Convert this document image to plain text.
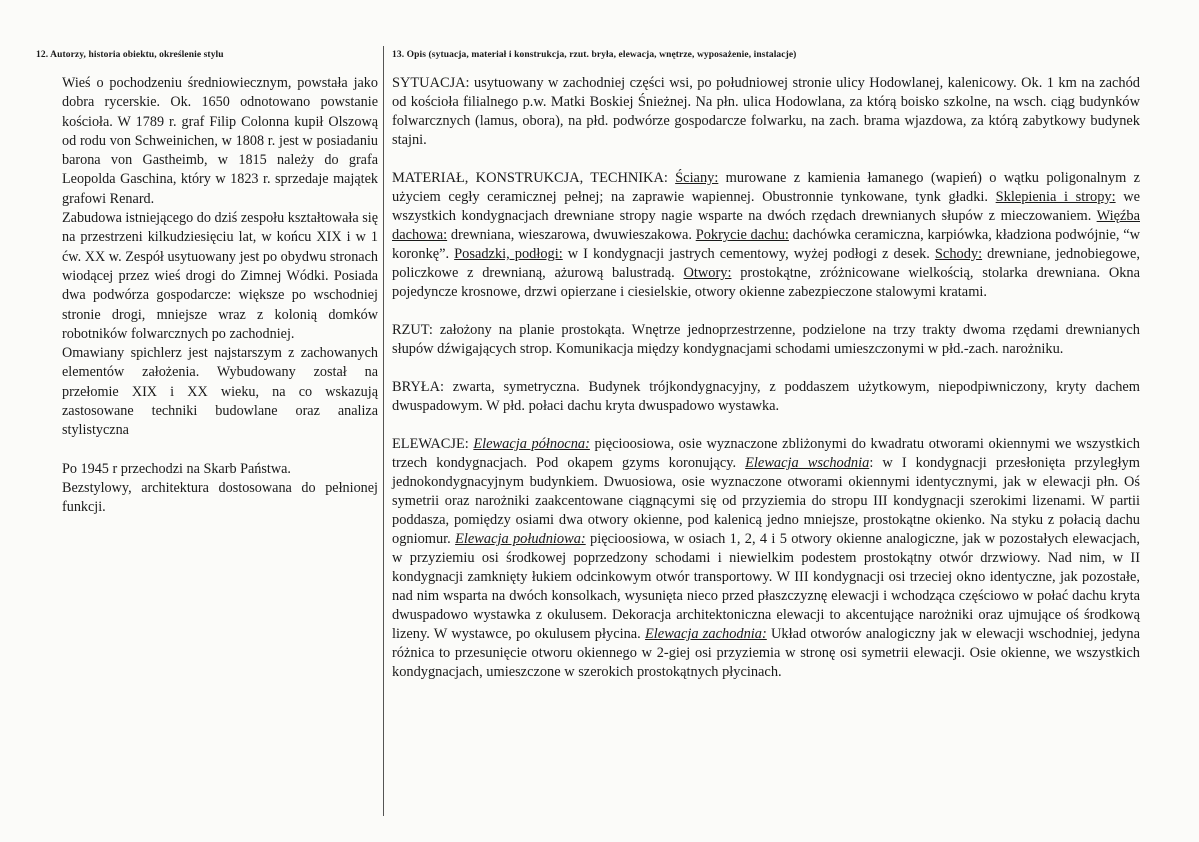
12. Autorzy, historia obiektu, określenie stylu

Wieś o pochodzeniu średniowiecznym, powstała jako dobra rycerskie. Ok. 1650 odnotowano powstanie kościoła. W 1789 r. graf Filip Colonna kupił Olszową od rodu von Schweinichen, w 1808 r. jest w posiadaniu barona von Gastheimb, w 1815 należy do grafa Leopolda Gaschina, który w 1823 r. sprzedaje majątek grafowi Renard.

Zabudowa istniejącego do dziś zespołu kształtowała się na przestrzeni kilkudziesięciu lat, w końcu XIX i w 1 ćw. XX w. Zespół usytuowany jest po obydwu stronach wiodącej przez wieś drogi do Zimnej Wódki. Posiada dwa podwórza gospodarcze: większe po wschodniej stronie drogi, mniejsze wraz z kolonią domków robotników folwarcznych po zachodniej.

Omawiany spichlerz jest najstarszym z zachowanych elementów założenia. Wybudowany został na przełomie XIX i XX wieku, na co wskazują zastosowane techniki budowlane oraz analiza stylistyczna

Po 1945 r przechodzi na Skarb Państwa.

Bezstylowy, architektura dostosowana do pełnionej funkcji.

13. Opis (sytuacja, materiał i konstrukcja, rzut. bryła, elewacja, wnętrze, wyposażenie, instalacje)

SYTUACJA: usytuowany w zachodniej części wsi, po południowej stronie ulicy Hodowlanej, kalenicowy. Ok. 1 km na zachód od kościoła filialnego p.w. Matki Boskiej Śnieżnej. Na płn. ulica Hodowlana, za którą boisko szkolne, na wsch. ciąg budynków folwarcznych (lamus, obora), na płd. podwórze gospodarcze folwarku, na zach. brama wjazdowa, za którą zabytkowy budynek stajni.

MATERIAŁ, KONSTRUKCJA, TECHNIKA: Ściany: murowane z kamienia łamanego (wapień) o wątku poligonalnym z użyciem cegły ceramicznej pełnej; na zaprawie wapiennej. Obustronnie tynkowane, tynk gładki. Sklepienia i stropy: we wszystkich kondygnacjach drewniane stropy nagie wsparte na dwóch rzędach drewnianych słupów z mieczowaniem. Więźba dachowa: drewniana, wieszarowa, dwuwieszakowa. Pokrycie dachu: dachówka ceramiczna, karpiówka, kładziona podwójnie, “w koronkę”. Posadzki, podłogi: w I kondygnacji jastrych cementowy, wyżej podłogi z desek. Schody: drewniane, jednobiegowe, policzkowe z drewnianą, ażurową balustradą. Otwory: prostokątne, zróżnicowane wielkością, stolarka drewniana. Okna pojedyncze krosnowe, drzwi opierzane i ciesielskie, otwory okienne zabezpieczone stalowymi kratami.

RZUT: założony na planie prostokąta. Wnętrze jednoprzestrzenne, podzielone na trzy trakty dwoma rzędami drewnianych słupów dźwigających strop. Komunikacja między kondygnacjami schodami umieszczonymi w płd.-zach. narożniku.

BRYŁA: zwarta, symetryczna. Budynek trójkondygnacyjny, z poddaszem użytkowym, niepodpiwniczony, kryty dachem dwuspadowym. W płd. połaci dachu kryta dwuspadowo wystawka.

ELEWACJE: Elewacja północna: pięcioosiowa, osie wyznaczone zbliżonymi do kwadratu otworami okiennymi we wszystkich trzech kondygnacjach. Pod okapem gzyms koronujący. Elewacja wschodnia: w I kondygnacji przesłonięta przyległym jednokondygnacyjnym budynkiem. Dwuosiowa, osie wyznaczone otworami okiennymi identycznymi, jak w elewacji płn. Oś symetrii oraz narożniki zaakcentowane ciągnącymi się od przyziemia do stropu III kondygnacji szerokimi lizenami. W partii poddasza, pomiędzy osiami dwa otwory okienne, pod kalenicą jedno mniejsze, prostokątne okienko. Na styku z połacią dachu ogniomur. Elewacja południowa: pięcioosiowa, w osiach 1, 2, 4 i 5 otwory okienne analogiczne, jak w pozostałych elewacjach, w przyziemiu osi środkowej poprzedzony schodami i niewielkim podestem prostokątny otwór drzwiowy. Nad nim, w II kondygnacji zamknięty łukiem odcinkowym otwór transportowy. W III kondygnacji osi trzeciej okno identyczne, jak pozostałe, nad nim wsparta na dwóch konsolkach, wysunięta nieco przed płaszczyznę elewacji i wchodząca częściowo w połać dachu kryta dwuspadowo wystawka z okulusem. Dekoracja architektoniczna elewacji to akcentujące narożniki oraz ujmujące oś środkową lizeny. W wystawce, po okulusem płycina. Elewacja zachodnia: Układ otworów analogiczny jak w elewacji wschodniej, jedyna różnica to przesunięcie otworu okiennego w 2-giej osi przyziemia w stronę osi symetrii elewacji. Osie okienne, we wszystkich kondygnacjach, umieszczone w szerokich prostokątnych płycinach.
